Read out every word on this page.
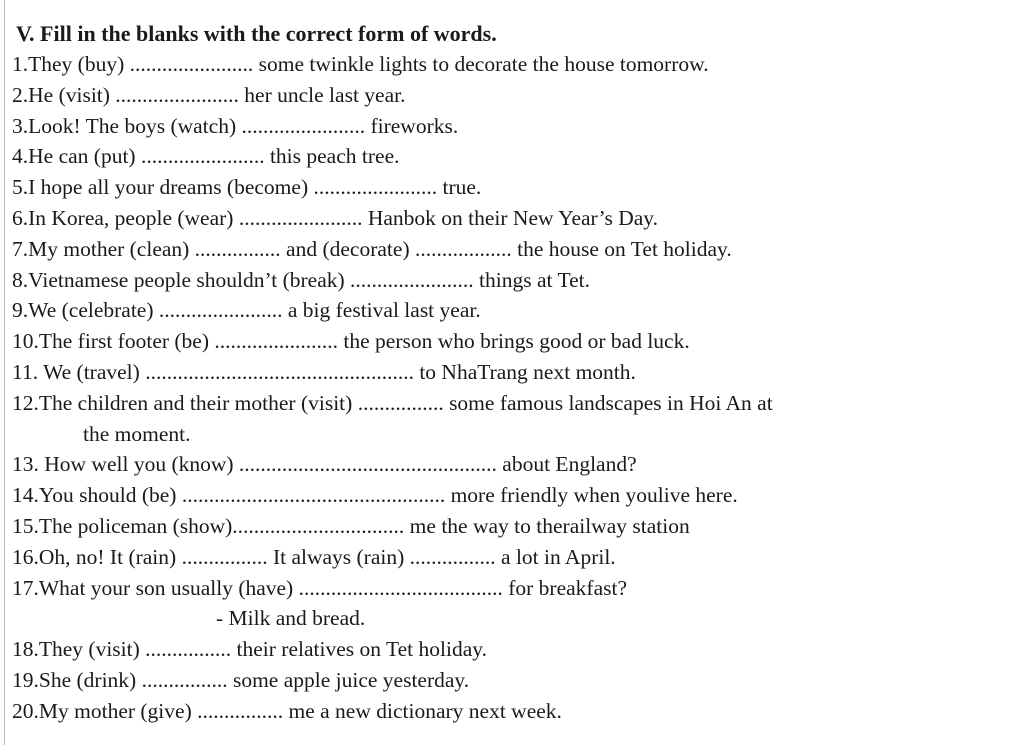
V. Fill in the blanks with the correct form of words.
1.They (buy) ....................... some twinkle lights to decorate the house tomorrow.
2.He (visit) ....................... her uncle last year.
3.Look! The boys (watch) ....................... fireworks.
4.He can (put) ....................... this peach tree.
5.I hope all your dreams (become) ....................... true.
6.In Korea, people (wear) ....................... Hanbok on their New Year’s Day.
7.My mother (clean) ................ and (decorate) .................. the house on Tet holiday.
8.Vietnamese people shouldn’t (break) ....................... things at Tet.
9.We (celebrate) ....................... a big festival last year.
10.The first footer (be) ....................... the person who brings good or bad luck.
11. We (travel) .................................................. to NhaTrang next month.
12.The children and their mother (visit) ................ some famous landscapes in Hoi An at
the moment.
13. How well you (know) ................................................ about England?
14.You should (be) ................................................. more friendly when youlive here.
15.The policeman (show)................................ me the way to therailway station
16.Oh, no! It (rain) ................ It always (rain) ................ a lot in April.
17.What your son usually (have) ...................................... for breakfast?
- Milk and bread.
18.They (visit) ................ their relatives on Tet holiday.
19.She (drink) ................ some apple juice yesterday.
20.My mother (give) ................ me a new dictionary next week.
